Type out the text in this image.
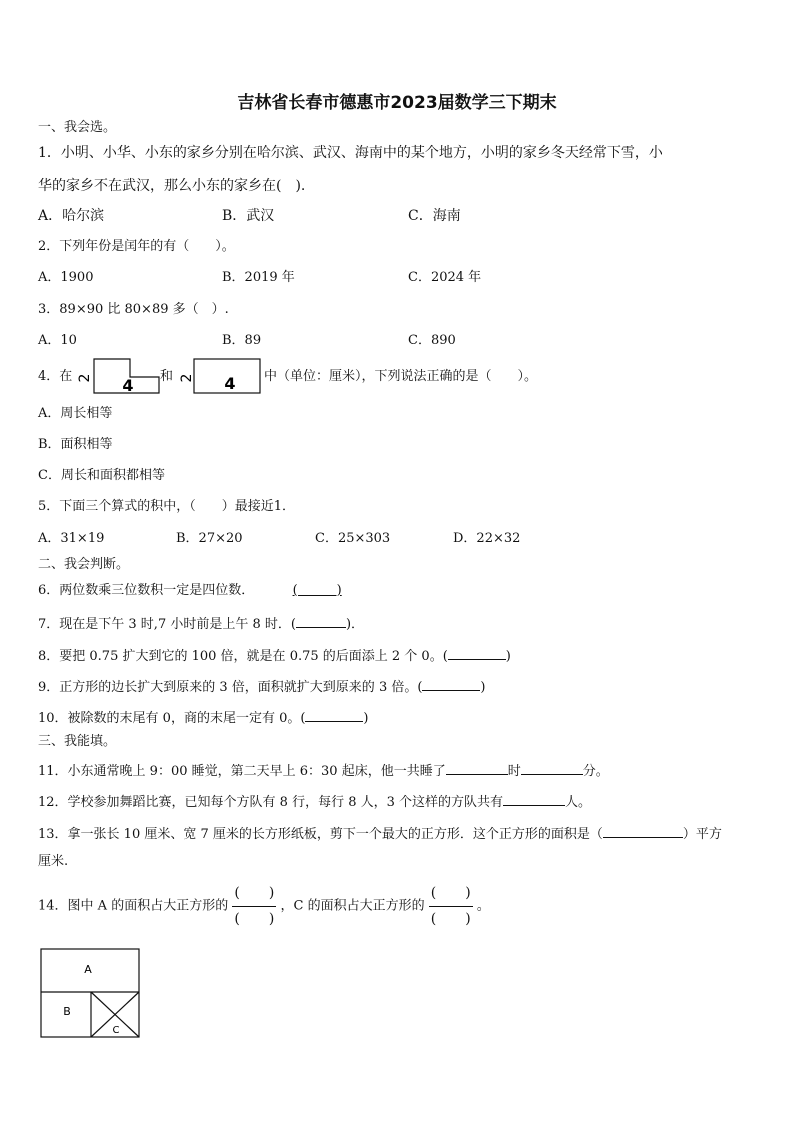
吉林省长春市德惠市2023届数学三下期末
一、我会选。
1．小明、小华、小东的家乡分别在哈尔滨、武汉、海南中的某个地方，小明的家乡冬天经常下雪，小
华的家乡不在武汉，那么小东的家乡在(　).
A．哈尔滨	B．武汉	C．海南
2．下列年份是闰年的有（　　）。
A．1900	B．2019 年	C．2024 年
3．89×90 比 80×89 多（　）.
A．10	B．89	C．890
4．在 2 4 和 2 4 中（单位：厘米），下列说法正确的是（　　）。
A．周长相等
B．面积相等
C．周长和面积都相等
5．下面三个算式的积中，（　　）最接近1．
A．31×19	B．27×20	C．25×303	D．22×32
二、我会判断。
6．两位数乘三位数积一定是四位数．	(　　　)
7．现在是下午 3 时,7 小时前是上午 8 时．(	)．
8．要把 0.75 扩大到它的 100 倍，就是在 0.75 的后面添上 2 个 0。(	)
9．正方形的边长扩大到原来的 3 倍，面积就扩大到原来的 3 倍。(	)
10．被除数的末尾有 0，商的末尾一定有 0。(	)
三、我能填。
11．小东通常晚上 9：00 睡觉，第二天早上 6：30 起床，他一共睡了	时	分。
12．学校参加舞蹈比赛，已知每个方队有 8 行，每行 8 人，3 个这样的方队共有	人。
13．拿一张长 10 厘米、宽 7 厘米的长方形纸板，剪下一个最大的正方形．这个正方形的面积是（	）平方
厘米.
14．图中 A 的面积占大正方形的 $\frac{( )}{( )}$ ，C 的面积占大正方形的 $\frac{( )}{( )}$ 。
A
B
C
